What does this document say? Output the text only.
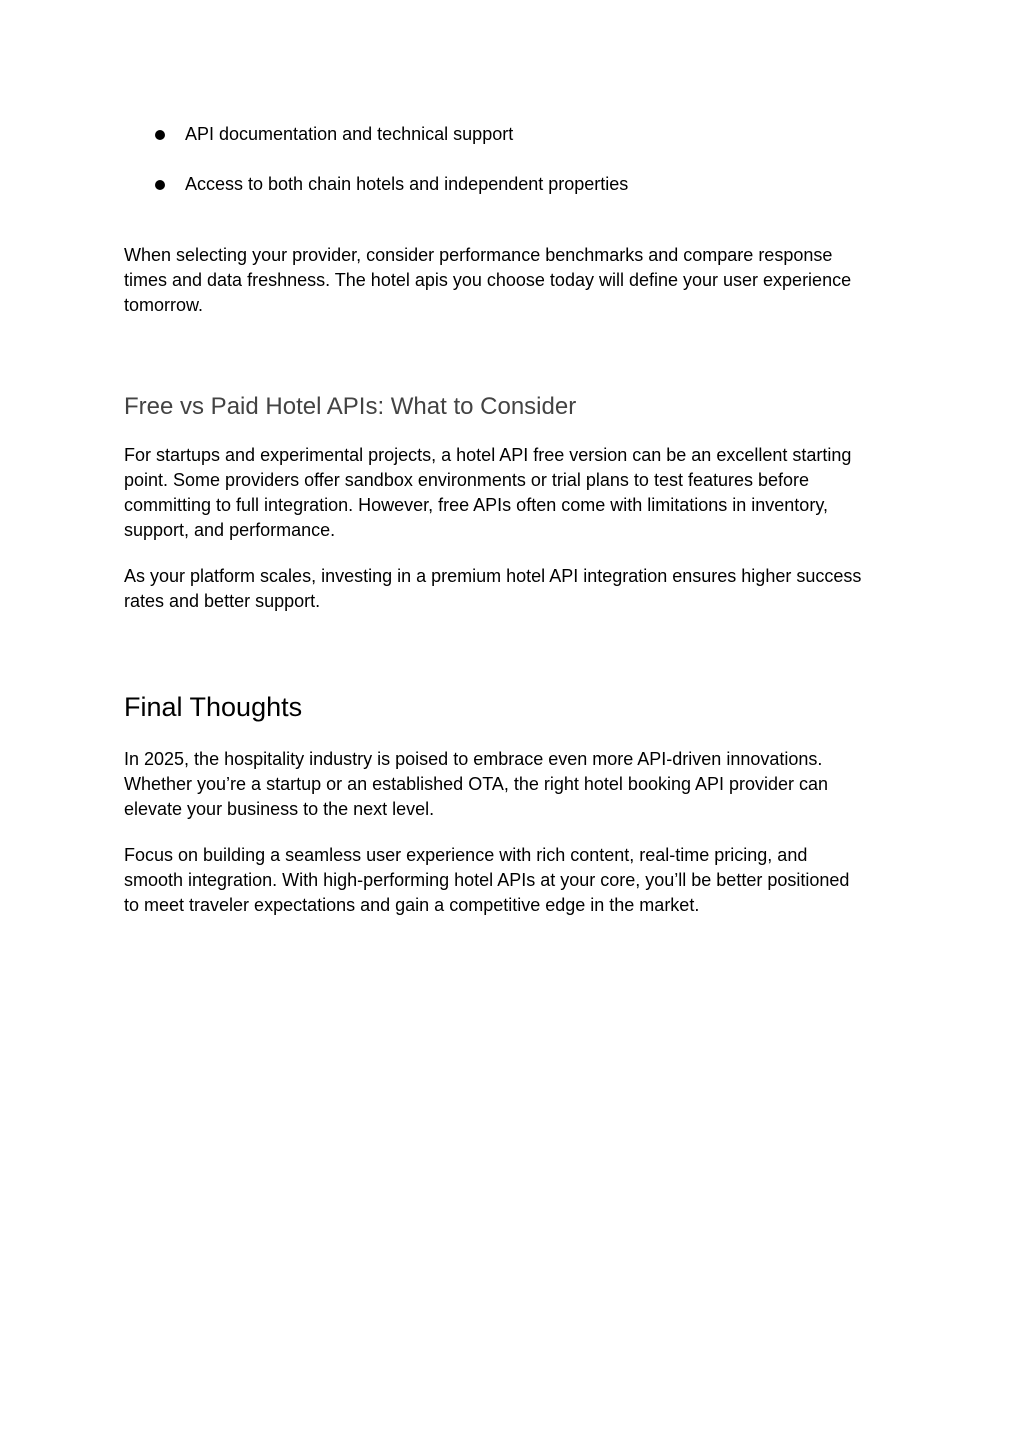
API documentation and technical support
Access to both chain hotels and independent properties

When selecting your provider, consider performance benchmarks and compare response
times and data freshness. The hotel apis you choose today will define your user experience
tomorrow.

Free vs Paid Hotel APIs: What to Consider

For startups and experimental projects, a hotel API free version can be an excellent starting
point. Some providers offer sandbox environments or trial plans to test features before
committing to full integration. However, free APIs often come with limitations in inventory,
support, and performance.

As your platform scales, investing in a premium hotel API integration ensures higher success
rates and better support.

Final Thoughts

In 2025, the hospitality industry is poised to embrace even more API-driven innovations.
Whether you’re a startup or an established OTA, the right hotel booking API provider can
elevate your business to the next level.

Focus on building a seamless user experience with rich content, real-time pricing, and
smooth integration. With high-performing hotel APIs at your core, you’ll be better positioned
to meet traveler expectations and gain a competitive edge in the market.
